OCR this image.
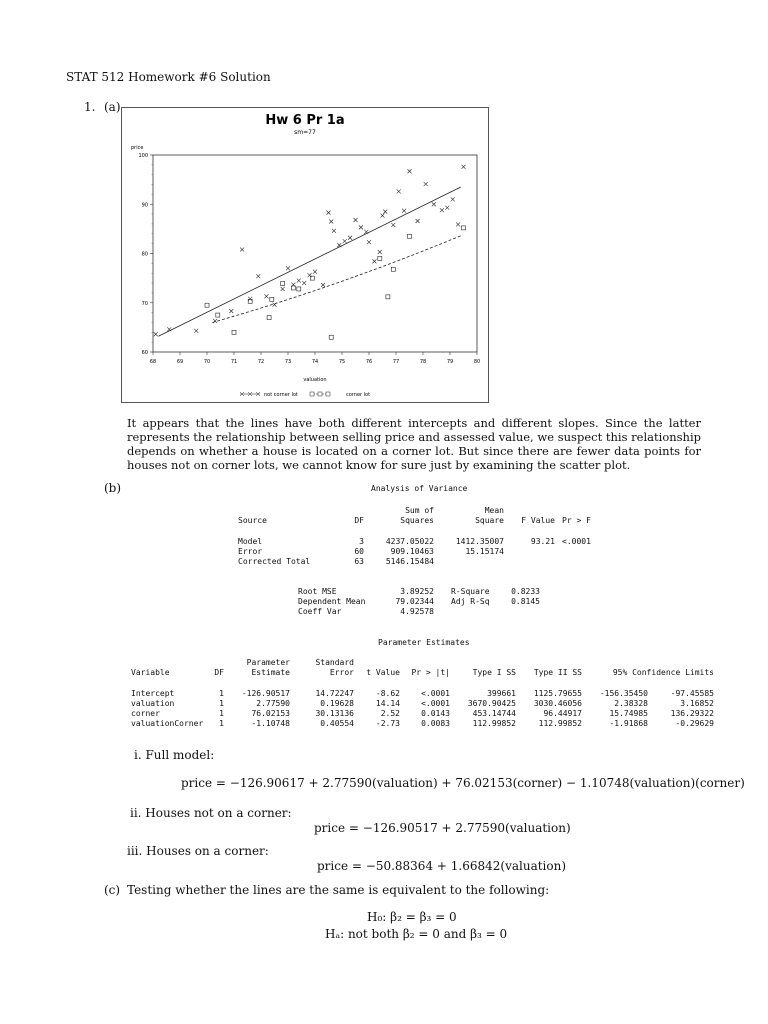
STAT 512 Homework #6 Solution
1. (a)
Hw 6 Pr 1a
sm=77
60
70
80
90
100
68	69	70	71	72	73	74	75	76	77	78	79	80
price
valuation
not corner lot	corner lot
It appears that the lines have both different intercepts and different slopes. Since the latter represents the relationship between selling price and assessed value, we suspect this relationship depends on whether a house is located on a corner lot. But since there are fewer data points for houses not on corner lots, we cannot know for sure just by examining the scatter plot.
(b)	Analysis of Variance
Sum of	Mean
Source	DF	Squares	Square	F Value Pr > F
Model	3	4237.05022	1412.35007	93.21 <.0001
Error	60	909.10463	15.15174
Corrected Total	63	5146.15484
Root MSE	3.89252 R-Square	0.8233
Dependent Mean	79.02344 Adj R-Sq	0.8145
Coeff Var	4.92578
Parameter Estimates
Parameter	Standard
Variable	DF	Estimate	Error	t Value Pr > |t|	Type I SS	Type II SS	95% Confidence Limits
Intercept	1	-126.90517	14.72247	-8.62	<.0001	399661	1125.79655	-156.35450	-97.45585
valuation	1	2.77590	0.19628	14.14	<.0001	3670.90425	3030.46056	2.38328	3.16852
corner	1	76.02153	30.13136	2.52	0.0143	453.14744	96.44917	15.74985	136.29322
valuationCorner	1	-1.10748	0.40554	-2.73	0.0083	112.99852	112.99852	-1.91868	-0.29629
i. Full model:
price = −126.90617 + 2.77590(valuation) + 76.02153(corner) − 1.10748(valuation)(corner)
ii. Houses not on a corner:
price = −126.90517 + 2.77590(valuation)
iii. Houses on a corner:
price = −50.88364 + 1.66842(valuation)
(c) Testing whether the lines are the same is equivalent to the following:
H₀: β₂ = β₃ = 0
Hₐ: not both β₂ = 0 and β₃ = 0
